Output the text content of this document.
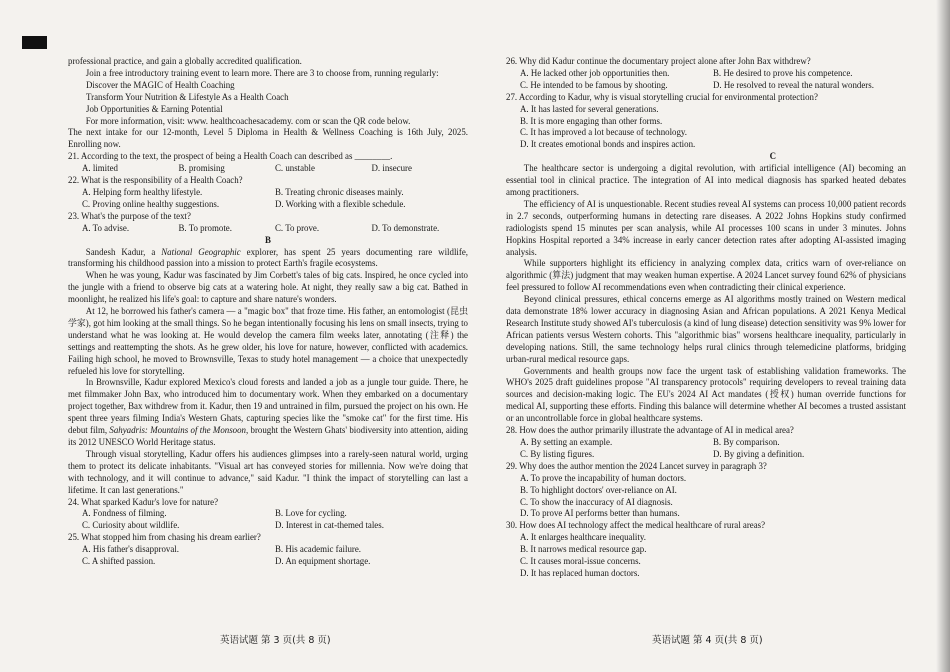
professional practice, and gain a globally accredited qualification.

Join a free introductory training event to learn more. There are 3 to choose from, running regularly:

Discover the MAGIC of Health Coaching

Transform Your Nutrition & Lifestyle As a Health Coach

Job Opportunities & Earning Potential

For more information, visit: www. healthcoachesacademy. com or scan the QR code below.

The next intake for our 12-month, Level 5 Diploma in Health & Wellness Coaching is 16th July, 2025. Enrolling now.

21. According to the text, the prospect of being a Health Coach can described as ________.

A. limited	B. promising	C. unstable	D. insecure

22. What is the responsibility of a Health Coach?

A. Helping form healthy lifestyle.	B. Treating chronic diseases mainly.
C. Proving online healthy suggestions.	D. Working with a flexible schedule.

23. What's the purpose of the text?

A. To advise.	B. To promote.	C. To prove.	D. To demonstrate.

B

Sandesh Kadur, a National Geographic explorer, has spent 25 years documenting rare wildlife, transforming his childhood passion into a mission to protect Earth's fragile ecosystems.

When he was young, Kadur was fascinated by Jim Corbett's tales of big cats. Inspired, he once cycled into the jungle with a friend to observe big cats at a watering hole. At night, they really saw a big cat. Bathed in moonlight, he realized his life's goal: to capture and share nature's wonders.

At 12, he borrowed his father's camera — a "magic box" that froze time. His father, an entomologist (昆虫学家), got him looking at the small things. So he began intentionally focusing his lens on small insects, trying to understand what he was looking at. He would develop the camera film weeks later, annotating (注释) the settings and reattempting the shots. As he grew older, his love for nature, however, conflicted with academics. Failing high school, he moved to Brownsville, Texas to study hotel management — a choice that unexpectedly refueled his love for storytelling.

In Brownsville, Kadur explored Mexico's cloud forests and landed a job as a jungle tour guide. There, he met filmmaker John Bax, who introduced him to documentary work. When they embarked on a documentary project together, Bax withdrew from it. Kadur, then 19 and untrained in film, pursued the project on his own. He spent three years filming India's Western Ghats, capturing species like the "smoke cat" for the first time. His debut film, Sahyadris: Mountains of the Monsoon, brought the Western Ghats' biodiversity into attention, aiding its 2012 UNESCO World Heritage status.

Through visual storytelling, Kadur offers his audiences glimpses into a rarely-seen natural world, urging them to protect its delicate inhabitants. "Visual art has conveyed stories for millennia. Now we're doing that with technology, and it will continue to advance," said Kadur. "I think the impact of storytelling can last a lifetime. It can last generations."

24. What sparked Kadur's love for nature?

A. Fondness of filming.	B. Love for cycling.
C. Curiosity about wildlife.	D. Interest in cat-themed tales.

25. What stopped him from chasing his dream earlier?

A. His father's disapproval.	B. His academic failure.
C. A shifted passion.	D. An equipment shortage.

26. Why did Kadur continue the documentary project alone after John Bax withdrew?

A. He lacked other job opportunities then.	B. He desired to prove his competence.
C. He intended to be famous by shooting.	D. He resolved to reveal the natural wonders.

27. According to Kadur, why is visual storytelling crucial for environmental protection?

A. It has lasted for several generations.
B. It is more engaging than other forms.
C. It has improved a lot because of technology.
D. It creates emotional bonds and inspires action.

C

The healthcare sector is undergoing a digital revolution, with artificial intelligence (AI) becoming an essential tool in clinical practice. The integration of AI into medical diagnosis has sparked heated debates among practitioners.

The efficiency of AI is unquestionable. Recent studies reveal AI systems can process 10,000 patient records in 2.7 seconds, outperforming humans in detecting rare diseases. A 2022 Johns Hopkins study confirmed radiologists spend 15 minutes per scan analysis, while AI processes 100 scans in under 3 minutes. Johns Hopkins Hospital reported a 34% increase in early cancer detection rates after adopting AI-assisted imaging analysis.

While supporters highlight its efficiency in analyzing complex data, critics warn of over-reliance on algorithmic (算法) judgment that may weaken human expertise. A 2024 Lancet survey found 62% of physicians feel pressured to follow AI recommendations even when contradicting their clinical experience.

Beyond clinical pressures, ethical concerns emerge as AI algorithms mostly trained on Western medical data demonstrate 18% lower accuracy in diagnosing Asian and African populations. A 2021 Kenya Medical Research Institute study showed AI's tuberculosis (a kind of lung disease) detection sensitivity was 9% lower for African patients versus Western cohorts. This "algorithmic bias" worsens healthcare inequality, particularly in developing nations. Still, the same technology helps rural clinics through telemedicine platforms, bridging urban-rural medical resource gaps.

Governments and health groups now face the urgent task of establishing validation frameworks. The WHO's 2025 draft guidelines propose "AI transparency protocols" requiring developers to reveal training data sources and decision-making logic. The EU's 2024 AI Act mandates (授权) human override functions for medical AI, supporting these efforts. Finding this balance will determine whether AI becomes a trusted assistant or an uncontrollable force in global healthcare systems.

28. How does the author primarily illustrate the advantage of AI in medical area?

A. By setting an example.	B. By comparison.
C. By listing figures.	D. By giving a definition.

29. Why does the author mention the 2024 Lancet survey in paragraph 3?

A. To prove the incapability of human doctors.
B. To highlight doctors' over-reliance on AI.
C. To show the inaccuracy of AI diagnosis.
D. To prove AI performs better than humans.

30. How does AI technology affect the medical healthcare of rural areas?

A. It enlarges healthcare inequality.
B. It narrows medical resource gap.
C. It causes moral-issue concerns.
D. It has replaced human doctors.
英语试题 第 3 页(共 8 页)	英语试题 第 4 页(共 8 页)
